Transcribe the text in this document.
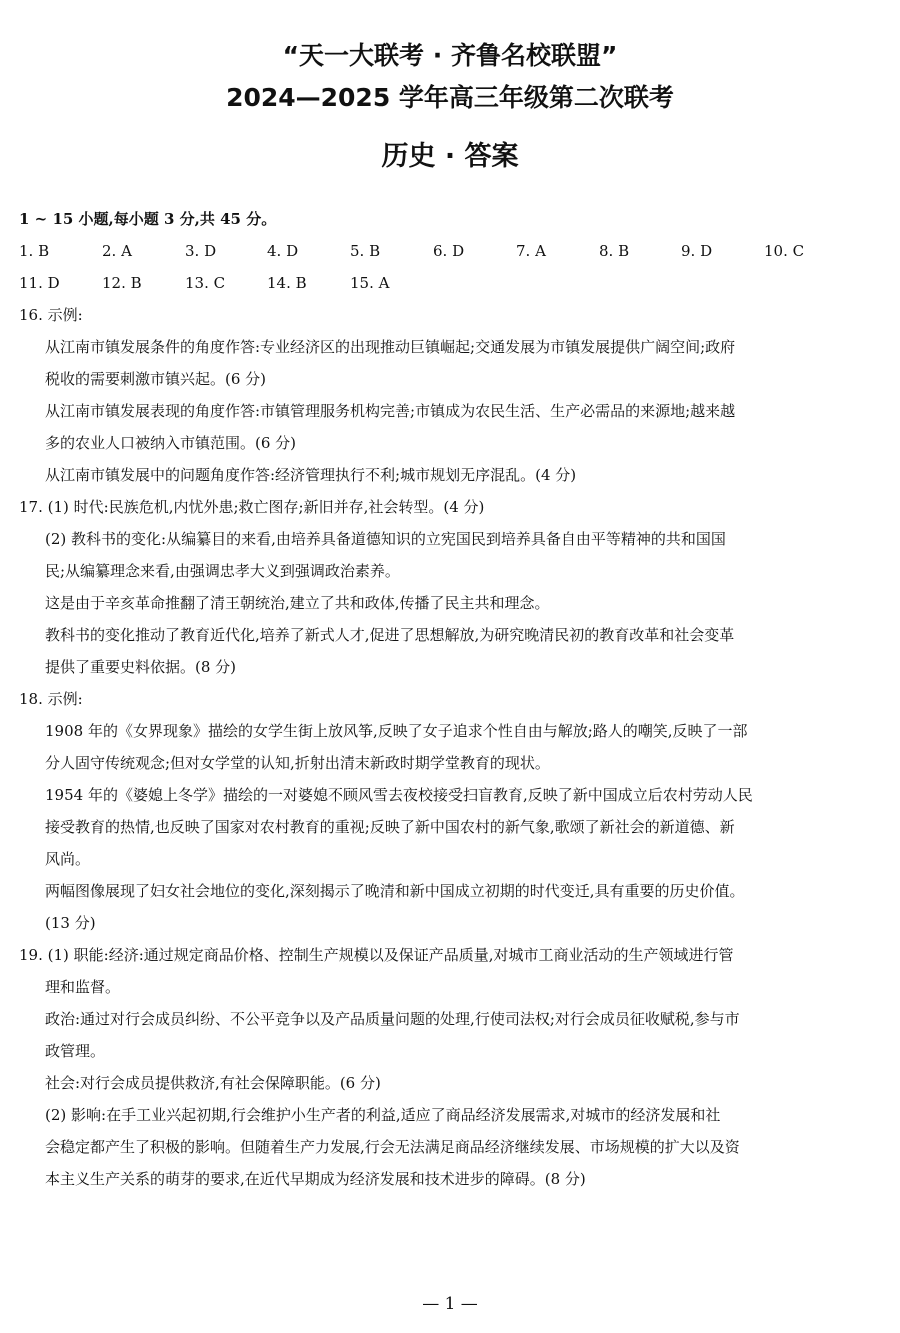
“天一大联考 · 齐鲁名校联盟”
2024—2025 学年高三年级第二次联考
历史 · 答案
1 ~ 15 小题,每小题 3 分,共 45 分。
1. B	2. A	3. D	4. D	5. B	6. D	7. A	8. B	9. D	10. C
11. D	12. B	13. C	14. B	15. A
16. 示例:
从江南市镇发展条件的角度作答:专业经济区的出现推动巨镇崛起;交通发展为市镇发展提供广阔空间;政府
税收的需要刺激市镇兴起。(6 分)
从江南市镇发展表现的角度作答:市镇管理服务机构完善;市镇成为农民生活、生产必需品的来源地;越来越
多的农业人口被纳入市镇范围。(6 分)
从江南市镇发展中的问题角度作答:经济管理执行不利;城市规划无序混乱。(4 分)
17. (1) 时代:民族危机,内忧外患;救亡图存;新旧并存,社会转型。(4 分)
(2) 教科书的变化:从编纂目的来看,由培养具备道德知识的立宪国民到培养具备自由平等精神的共和国国
民;从编纂理念来看,由强调忠孝大义到强调政治素养。
这是由于辛亥革命推翻了清王朝统治,建立了共和政体,传播了民主共和理念。
教科书的变化推动了教育近代化,培养了新式人才,促进了思想解放,为研究晚清民初的教育改革和社会变革
提供了重要史料依据。(8 分)
18. 示例:
1908 年的《女界现象》描绘的女学生街上放风筝,反映了女子追求个性自由与解放;路人的嘲笑,反映了一部
分人固守传统观念;但对女学堂的认知,折射出清末新政时期学堂教育的现状。
1954 年的《婆媳上冬学》描绘的一对婆媳不顾风雪去夜校接受扫盲教育,反映了新中国成立后农村劳动人民
接受教育的热情,也反映了国家对农村教育的重视;反映了新中国农村的新气象,歌颂了新社会的新道德、新
风尚。
两幅图像展现了妇女社会地位的变化,深刻揭示了晚清和新中国成立初期的时代变迁,具有重要的历史价值。
(13 分)
19. (1) 职能:经济:通过规定商品价格、控制生产规模以及保证产品质量,对城市工商业活动的生产领域进行管
理和监督。
政治:通过对行会成员纠纷、不公平竞争以及产品质量问题的处理,行使司法权;对行会成员征收赋税,参与市
政管理。
社会:对行会成员提供救济,有社会保障职能。(6 分)
(2) 影响:在手工业兴起初期,行会维护小生产者的利益,适应了商品经济发展需求,对城市的经济发展和社
会稳定都产生了积极的影响。但随着生产力发展,行会无法满足商品经济继续发展、市场规模的扩大以及资
本主义生产关系的萌芽的要求,在近代早期成为经济发展和技术进步的障碍。(8 分)
— 1 —
